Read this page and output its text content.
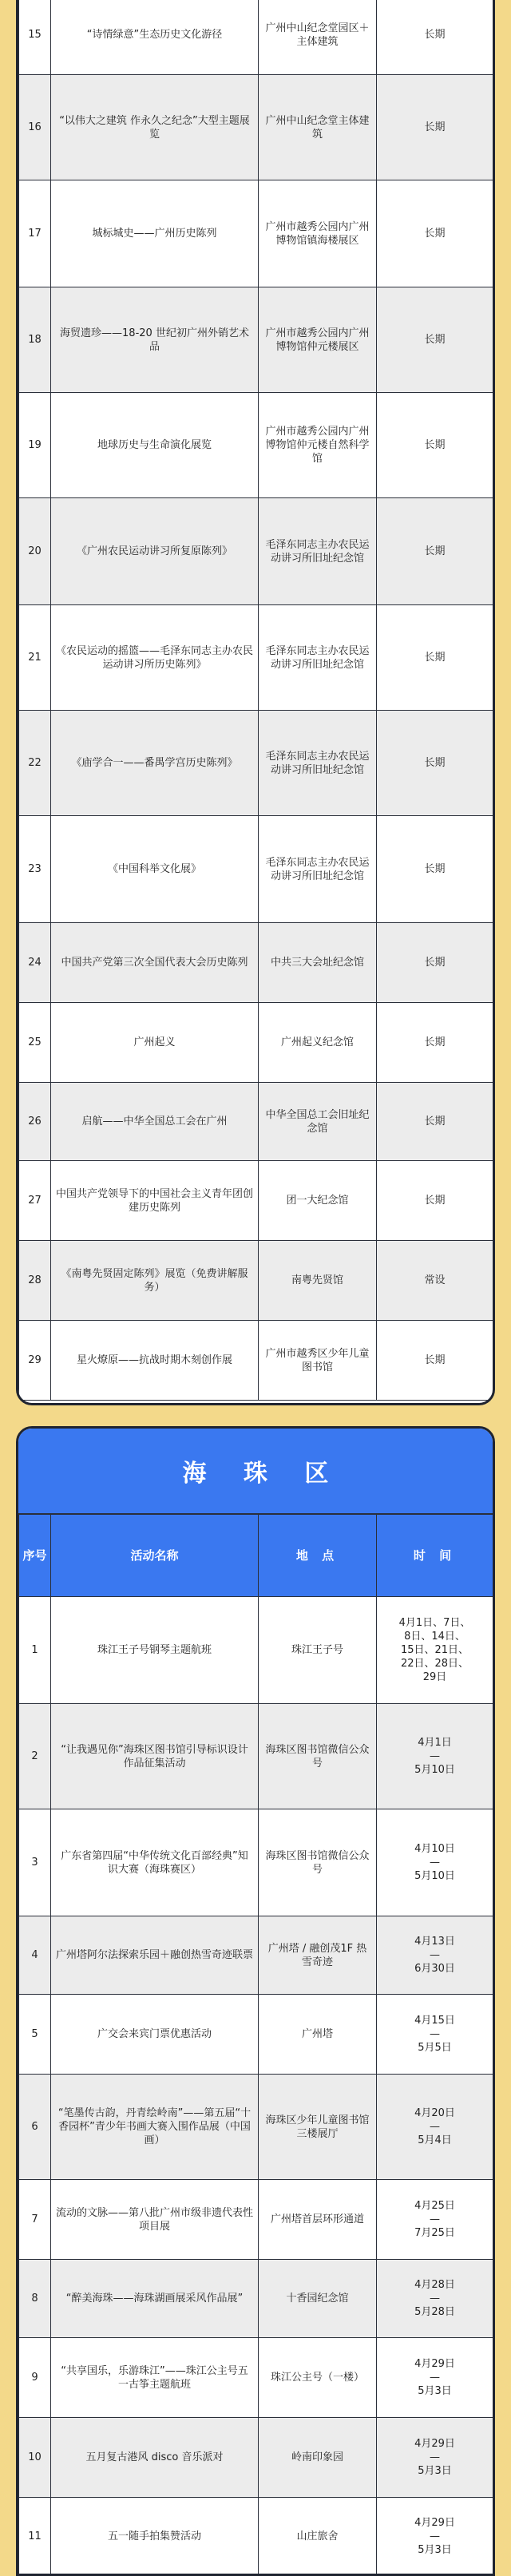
15	“诗情绿意”生态历史文化游径	广州中山纪念堂园区＋主体建筑	长期
16	“以伟大之建筑 作永久之纪念”大型主题展览	广州中山纪念堂主体建筑	长期
17	城标城史——广州历史陈列	广州市越秀公园内广州博物馆镇海楼展区	长期
18	海贸遗珍——18-20 世纪初广州外销艺术品	广州市越秀公园内广州博物馆仲元楼展区	长期
19	地球历史与生命演化展览	广州市越秀公园内广州博物馆仲元楼自然科学馆	长期
20	《广州农民运动讲习所复原陈列》	毛泽东同志主办农民运动讲习所旧址纪念馆	长期
21	《农民运动的摇篮——毛泽东同志主办农民运动讲习所历史陈列》	毛泽东同志主办农民运动讲习所旧址纪念馆	长期
22	《庙学合一——番禺学宫历史陈列》	毛泽东同志主办农民运动讲习所旧址纪念馆	长期
23	《中国科举文化展》	毛泽东同志主办农民运动讲习所旧址纪念馆	长期
24	中国共产党第三次全国代表大会历史陈列	中共三大会址纪念馆	长期
25	广州起义	广州起义纪念馆	长期
26	启航——中华全国总工会在广州	中华全国总工会旧址纪念馆	长期
27	中国共产党领导下的中国社会主义青年团创建历史陈列	团一大纪念馆	长期
28	《南粤先贤固定陈列》展览（免费讲解服务）	南粤先贤馆	常设
29	星火燎原——抗战时期木刻创作展	广州市越秀区少年儿童图书馆	长期
海 珠 区
序号	活动名称	地 点	时 间
1	珠江王子号钢琴主题航班	珠江王子号	4月1日、7日、
8日、14日、
15日、21日、
22日、28日、
29日

2	“让我遇见你”海珠区图书馆引导标识设计作品征集活动	海珠区图书馆微信公众号	4月1日
—
5月10日

3	广东省第四届“中华传统文化百部经典”知识大赛（海珠赛区）	海珠区图书馆微信公众号	4月10日
—
5月10日

4	广州塔阿尔法探索乐园＋融创热雪奇迹联票	广州塔 / 融创茂1F 热雪奇迹	4月13日
—
6月30日

5	广交会来宾门票优惠活动	广州塔	4月15日
—
5月5日

6	“笔墨传古韵，丹青绘岭南”——第五届“十香园杯”青少年书画大赛入围作品展（中国画）	海珠区少年儿童图书馆三楼展厅	4月20日
—
5月4日

7	流动的文脉——第八批广州市级非遗代表性项目展	广州塔首层环形通道	4月25日
—
7月25日

8	“醉美海珠——海珠湖画展采风作品展”	十香园纪念馆	4月28日
—
5月28日

9	“共享国乐，乐游珠江”——珠江公主号五一古筝主题航班	珠江公主号（一楼）	4月29日
—
5月3日

10	五月复古港风 disco 音乐派对	岭南印象园	4月29日
—
5月3日

11	五一随手拍集赞活动	山庄旅舍	4月29日
—
5月3日
